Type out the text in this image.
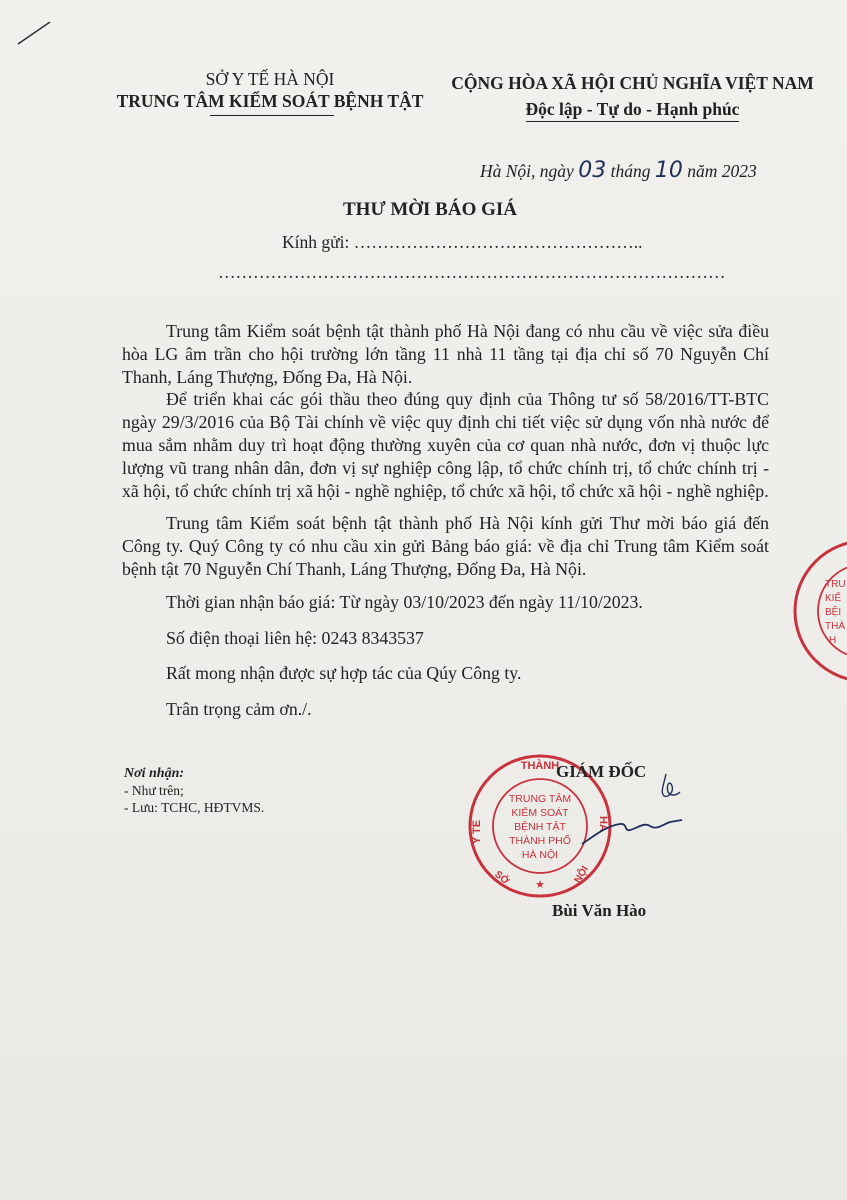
SỞ Y TẾ HÀ NỘI
TRUNG TÂM KIỂM SOÁT BỆNH TẬT
CỘNG HÒA XÃ HỘI CHỦ NGHĨA VIỆT NAM
Độc lập - Tự do - Hạnh phúc
Hà Nội, ngày 03 tháng 10 năm 2023
THƯ MỜI BÁO GIÁ
Kính gửi: …………………………………………..
……………………………………………………………………………

Trung tâm Kiểm soát bệnh tật thành phố Hà Nội đang có nhu cầu về việc sửa điều hòa LG âm trần cho hội trường lớn tầng 11 nhà 11 tầng tại địa chỉ số 70 Nguyễn Chí Thanh, Láng Thượng, Đống Đa, Hà Nội.

Để triển khai các gói thầu theo đúng quy định của Thông tư số 58/2016/TT-BTC ngày 29/3/2016 của Bộ Tài chính về việc quy định chi tiết việc sử dụng vốn nhà nước để mua sắm nhằm duy trì hoạt động thường xuyên của cơ quan nhà nước, đơn vị thuộc lực lượng vũ trang nhân dân, đơn vị sự nghiệp công lập, tổ chức chính trị, tổ chức chính trị - xã hội, tổ chức chính trị xã hội - nghề nghiệp, tổ chức xã hội, tổ chức xã hội - nghề nghiệp.

Trung tâm Kiểm soát bệnh tật thành phố Hà Nội kính gửi Thư mời báo giá đến Công ty. Quý Công ty có nhu cầu xin gửi Bảng báo giá: về địa chỉ Trung tâm Kiểm soát bệnh tật 70 Nguyễn Chí Thanh, Láng Thượng, Đống Đa, Hà Nội.

Thời gian nhận báo giá: Từ ngày 03/10/2023 đến ngày 11/10/2023.

Số điện thoại liên hệ: 0243 8343537

Rất mong nhận được sự hợp tác của Qúy Công ty.

Trân trọng cảm ơn./.

Nơi nhận:
- Như trên;
- Lưu: TCHC, HĐTVMS.
THÀNH
Y TẾ	HÀ
SỞ	NỘI
TRUNG TÂM
KIỂM SOÁT
BỆNH TẬT
THÀNH PHỐ
HÀ NỘI
★
GIÁM ĐỐC
Bùi Văn Hào
TRU
KIỂ
BỆI
THÀ
H
